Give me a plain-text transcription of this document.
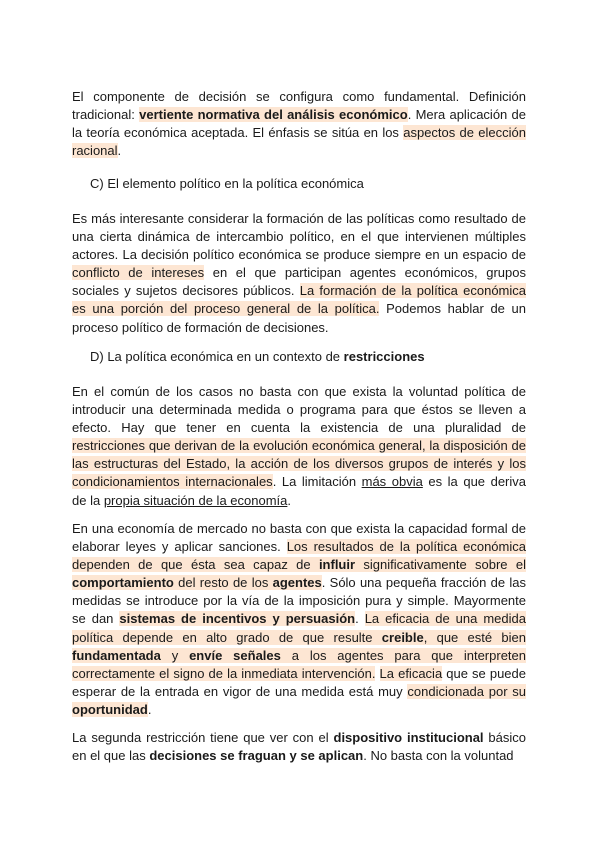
El componente de decisión se configura como fundamental. Definición tradicional: vertiente normativa del análisis económico. Mera aplicación de la teoría económica aceptada. El énfasis se sitúa en los aspectos de elección racional.

C) El elemento político en la política económica

Es más interesante considerar la formación de las políticas como resultado de una cierta dinámica de intercambio político, en el que intervienen múltiples actores. La decisión político económica se produce siempre en un espacio de conflicto de intereses en el que participan agentes económicos, grupos sociales y sujetos decisores públicos. La formación de la política económica es una porción del proceso general de la política. Podemos hablar de un proceso político de formación de decisiones.

D) La política económica en un contexto de restricciones

En el común de los casos no basta con que exista la voluntad política de introducir una determinada medida o programa para que éstos se lleven a efecto. Hay que tener en cuenta la existencia de una pluralidad de restricciones que derivan de la evolución económica general, la disposición de las estructuras del Estado, la acción de los diversos grupos de interés y los condicionamientos internacionales. La limitación más obvia es la que deriva de la propia situación de la economía.

En una economía de mercado no basta con que exista la capacidad formal de elaborar leyes y aplicar sanciones. Los resultados de la política económica dependen de que ésta sea capaz de influir significativamente sobre el comportamiento del resto de los agentes. Sólo una pequeña fracción de las medidas se introduce por la vía de la imposición pura y simple. Mayormente se dan sistemas de incentivos y persuasión. La eficacia de una medida política depende en alto grado de que resulte creible, que esté bien fundamentada y envíe señales a los agentes para que interpreten correctamente el signo de la inmediata intervención. La eficacia que se puede esperar de la entrada en vigor de una medida está muy condicionada por su oportunidad.

La segunda restricción tiene que ver con el dispositivo institucional básico en el que las decisiones se fraguan y se aplican. No basta con la voluntad
